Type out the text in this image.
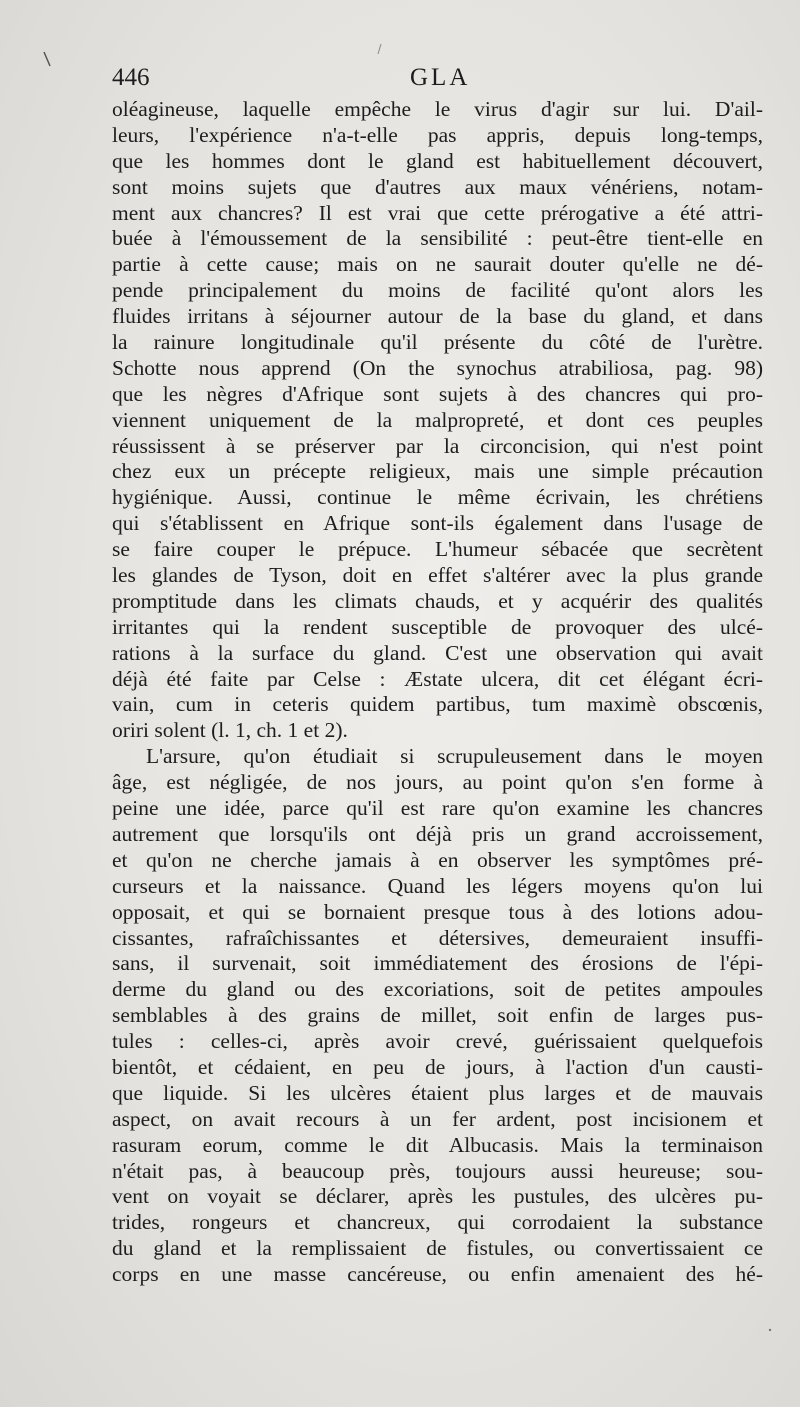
446	GLA
oléagineuse, laquelle empêche le virus d'agir sur lui. D'ail-
leurs, l'expérience n'a-t-elle pas appris, depuis long-temps,
que les hommes dont le gland est habituellement découvert,
sont moins sujets que d'autres aux maux vénériens, notam-
ment aux chancres? Il est vrai que cette prérogative a été attri-
buée à l'émoussement de la sensibilité : peut-être tient-elle en
partie à cette cause; mais on ne saurait douter qu'elle ne dé-
pende principalement du moins de facilité qu'ont alors les
fluides irritans à séjourner autour de la base du gland, et dans
la rainure longitudinale qu'il présente du côté de l'urètre.
Schotte nous apprend (On the synochus atrabiliosa, pag. 98)
que les nègres d'Afrique sont sujets à des chancres qui pro-
viennent uniquement de la malpropreté, et dont ces peuples
réussissent à se préserver par la circoncision, qui n'est point
chez eux un précepte religieux, mais une simple précaution
hygiénique. Aussi, continue le même écrivain, les chrétiens
qui s'établissent en Afrique sont-ils également dans l'usage de
se faire couper le prépuce. L'humeur sébacée que secrètent
les glandes de Tyson, doit en effet s'altérer avec la plus grande
promptitude dans les climats chauds, et y acquérir des qualités
irritantes qui la rendent susceptible de provoquer des ulcé-
rations à la surface du gland. C'est une observation qui avait
déjà été faite par Celse : Æstate ulcera, dit cet élégant écri-
vain, cum in ceteris quidem partibus, tum maximè obscœnis,
oriri solent (l. 1, ch. 1 et 2).
L'arsure, qu'on étudiait si scrupuleusement dans le moyen
âge, est négligée, de nos jours, au point qu'on s'en forme à
peine une idée, parce qu'il est rare qu'on examine les chancres
autrement que lorsqu'ils ont déjà pris un grand accroissement,
et qu'on ne cherche jamais à en observer les symptômes pré-
curseurs et la naissance. Quand les légers moyens qu'on lui
opposait, et qui se bornaient presque tous à des lotions adou-
cissantes, rafraîchissantes et détersives, demeuraient insuffi-
sans, il survenait, soit immédiatement des érosions de l'épi-
derme du gland ou des excoriations, soit de petites ampoules
semblables à des grains de millet, soit enfin de larges pus-
tules : celles-ci, après avoir crevé, guérissaient quelquefois
bientôt, et cédaient, en peu de jours, à l'action d'un causti-
que liquide. Si les ulcères étaient plus larges et de mauvais
aspect, on avait recours à un fer ardent, post incisionem et
rasuram eorum, comme le dit Albucasis. Mais la terminaison
n'était pas, à beaucoup près, toujours aussi heureuse; sou-
vent on voyait se déclarer, après les pustules, des ulcères pu-
trides, rongeurs et chancreux, qui corrodaient la substance
du gland et la remplissaient de fistules, ou convertissaient ce
corps en une masse cancéreuse, ou enfin amenaient des hé-
